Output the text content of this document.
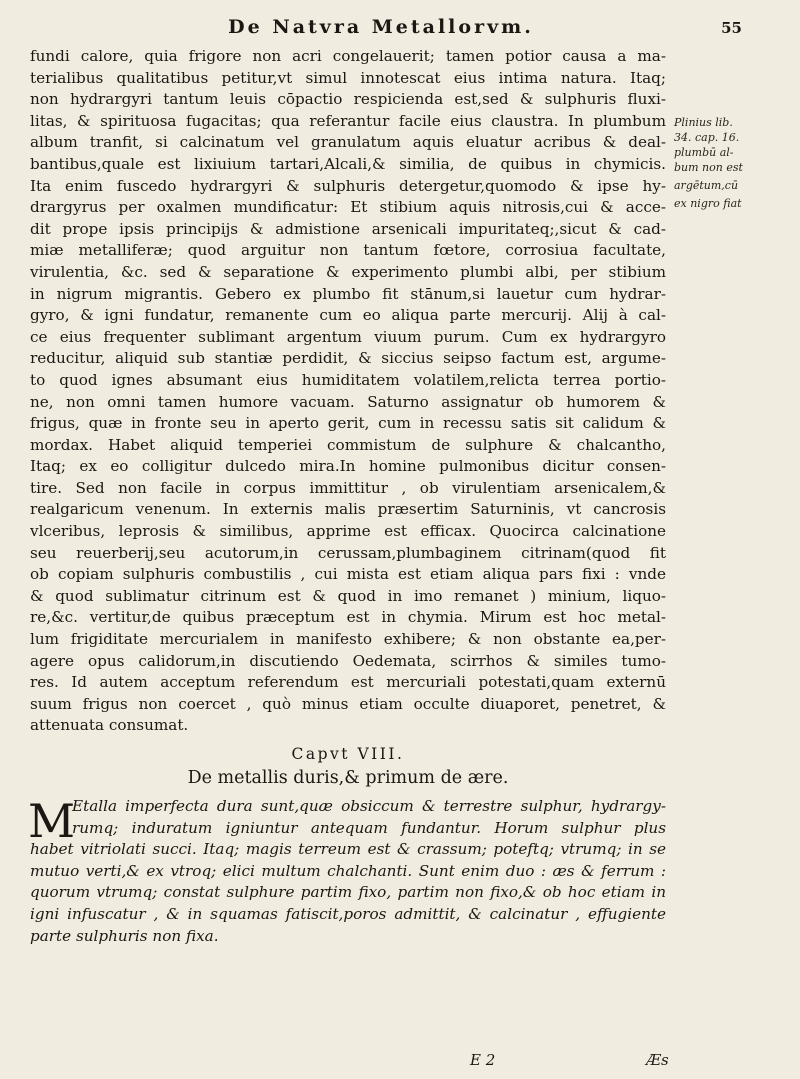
De Natvra Metallorvm.	55
fundi calore, quia frigore non acri congelauerit; tamen potior causa a ma-
terialibus qualitatibus petitur,vt simul innotescat eius intima natura. Itaq;
non hydrargyri tantum leuis cōpactio respicienda est,sed & sulphuris fluxi-
litas, & spirituosa fugacitas; qua referantur facile eius claustra. In plumbum
album tranfit, si calcinatum vel granulatum aquis eluatur acribus & deal-
bantibus,quale est lixiuium tartari,Alcali,& similia, de quibus in chymicis.
Ita enim fuscedo hydrargyri & sulphuris detergetur,quomodo & ipse hy-
drargyrus per oxalmen mundificatur: Et stibium aquis nitrosis,cui & acce-
dit prope ipsis principijs & admistione arsenicali impuritateq;,sicut & cad-
miæ metalliferæ; quod arguitur non tantum fœtore, corrosiua facultate,
virulentia, &c. sed & separatione & experimento plumbi albi, per stibium
in nigrum migrantis. Gebero ex plumbo fit stānum,si lauetur cum hydrar-
gyro, & igni fundatur, remanente cum eo aliqua parte mercurij. Alij à cal-
ce eius frequenter sublimant argentum viuum purum. Cum ex hydrargyro
reducitur, aliquid sub stantiæ perdidit, & siccius seipso factum est, argume-
to quod ignes absumant eius humiditatem volatilem,relicta terrea portio-
ne, non omni tamen humore vacuam. Saturno assignatur ob humorem &
frigus, quæ in fronte seu in aperto gerit, cum in recessu satis sit calidum &
mordax. Habet aliquid temperiei commistum de sulphure & chalcantho,
Itaq; ex eo colligitur dulcedo mira.In homine pulmonibus dicitur consen-
tire. Sed non facile in corpus immittitur , ob virulentiam arsenicalem,&
realgaricum venenum. In externis malis præsertim Saturninis, vt cancrosis
vlceribus, leprosis & similibus, apprime est efficax. Quocirca calcinatione
seu reuerberij,seu acutorum,in cerussam,plumbaginem citrinam(quod fit
ob copiam sulphuris combustilis , cui mista est etiam aliqua pars fixi : vnde
& quod sublimatur citrinum est & quod in imo remanet ) minium, liquo-
re,&c. vertitur,de quibus præceptum est in chymia. Mirum est hoc metal-
lum frigiditate mercurialem in manifesto exhibere; & non obstante ea,per-
agere opus calidorum,in discutiendo Oedemata, scirrhos & similes tumo-
res. Id autem acceptum referendum est mercuriali potestati,quam externū
suum frigus non coercet , quò minus etiam occulte diuaporet, penetret, &
attenuata consumat.
Capvt VIII.
De metallis duris,& primum de ære.
M
Etalla imperfecta dura sunt,quæ obsiccum & terrestre sulphur, hydrargy-
rumq; induratum igniuntur antequam fundantur. Horum sulphur plus
habet vitriolati succi. Itaq; magis terreum est & crassum; poteftq; vtrumq; in se
mutuo verti,& ex vtroq; elici multum chalchanti. Sunt enim duo : æs & ferrum :
quorum vtrumq; constat sulphure partim fixo, partim non fixo,& ob hoc etiam in
igni infuscatur , & in squamas fatiscit,poros admittit, & calcinatur , effugiente
parte sulphuris non fixa.
Plinius lib.
34. cap. 16.
plumbū al-
bum non est
argētum,cū
ex nigro fiat
E 2	Æs
